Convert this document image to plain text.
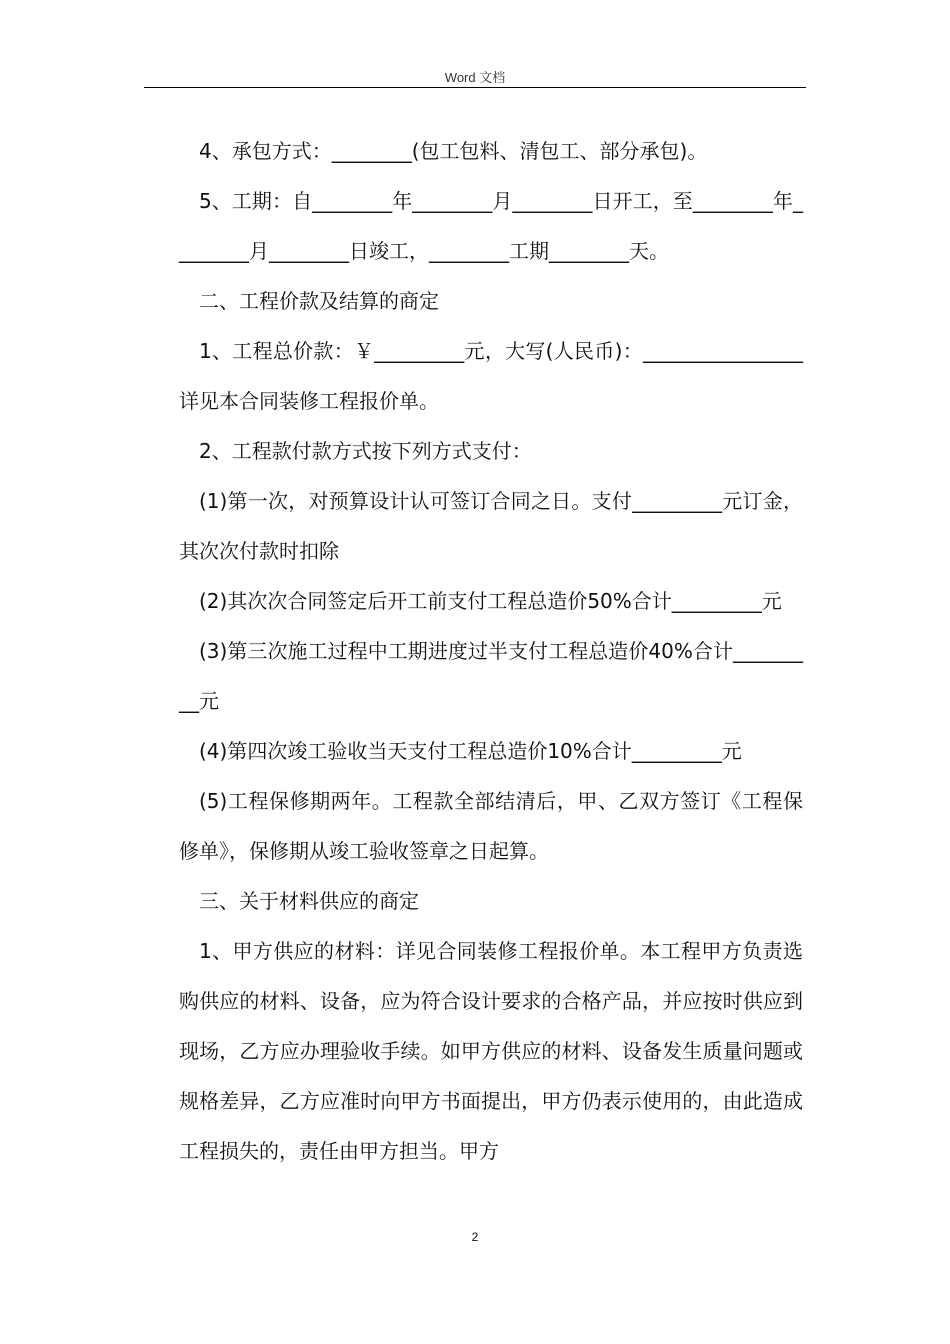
Word 文档

4、承包方式：________(包工包料、清包工、部分承包)。

5、工期：自________年________月________日开工，至________年________月________日竣工，________工期________天。

二、工程价款及结算的商定

1、工程总价款：￥_________元，大写(人民币)：________________详见本合同装修工程报价单。

2、工程款付款方式按下列方式支付：

(1)第一次，对预算设计认可签订合同之日。支付_________元订金，其次次付款时扣除

(2)其次次合同签定后开工前支付工程总造价50%合计_________元

(3)第三次施工过程中工期进度过半支付工程总造价40%合计_________元

(4)第四次竣工验收当天支付工程总造价10%合计_________元

(5)工程保修期两年。工程款全部结清后，甲、乙双方签订《工程保修单》，保修期从竣工验收签章之日起算。

三、关于材料供应的商定

1、甲方供应的材料：详见合同装修工程报价单。本工程甲方负责选购供应的材料、设备，应为符合设计要求的合格产品，并应按时供应到现场，乙方应办理验收手续。如甲方供应的材料、设备发生质量问题或规格差异，乙方应准时向甲方书面提出，甲方仍表示使用的，由此造成工程损失的，责任由甲方担当。甲方

2
